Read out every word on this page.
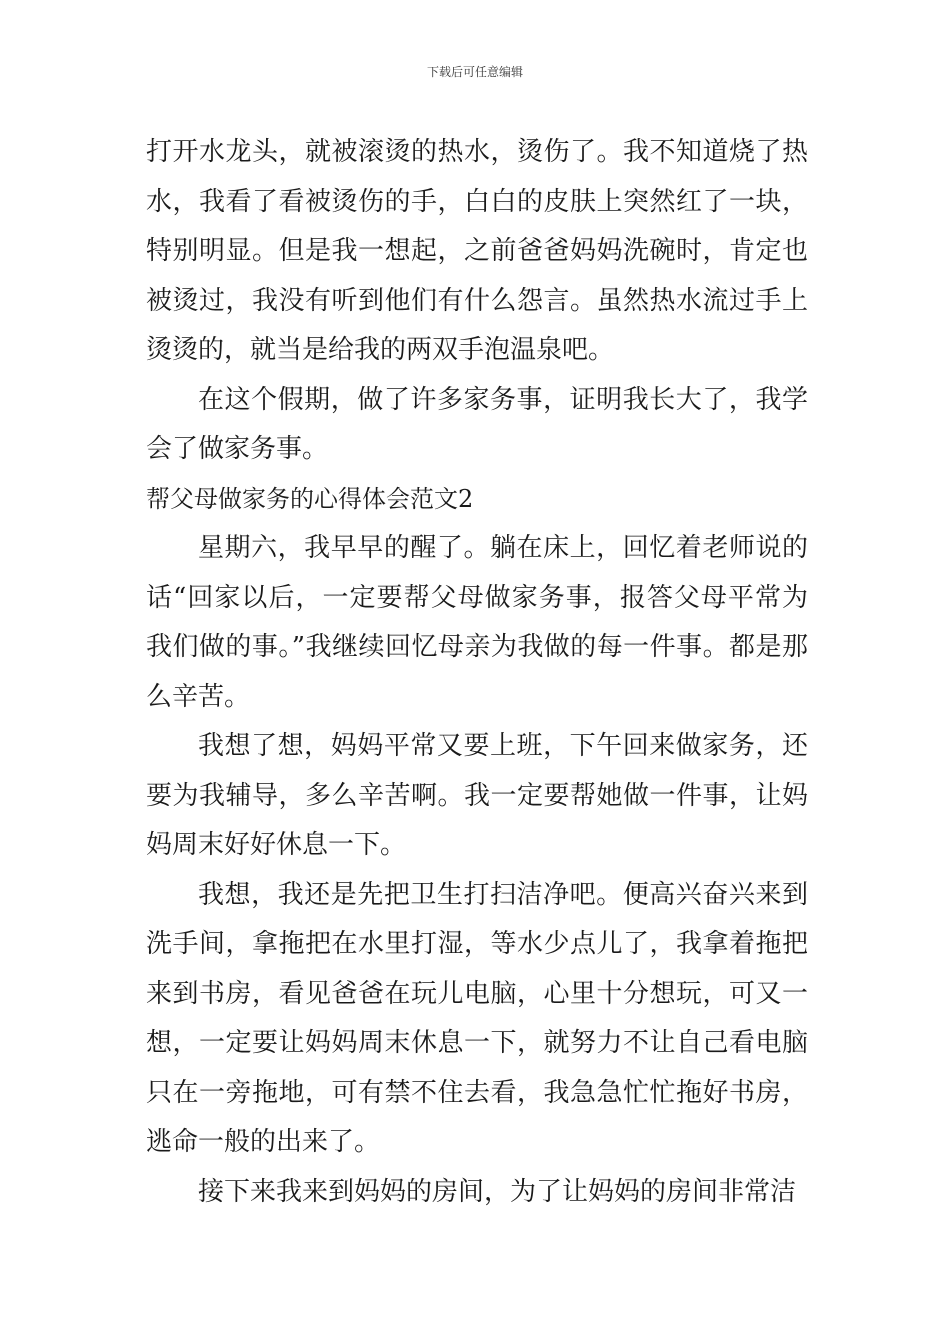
下载后可任意编辑

打开水龙头，就被滚烫的热水，烫伤了。我不知道烧了热水，我看了看被烫伤的手，白白的皮肤上突然红了一块，特别明显。但是我一想起，之前爸爸妈妈洗碗时，肯定也被烫过，我没有听到他们有什么怨言。虽然热水流过手上烫烫的，就当是给我的两双手泡温泉吧。

在这个假期，做了许多家务事，证明我长大了，我学会了做家务事。

帮父母做家务的心得体会范文2

星期六，我早早的醒了。躺在床上，回忆着老师说的话“回家以后，一定要帮父母做家务事，报答父母平常为我们做的事。”我继续回忆母亲为我做的每一件事。都是那么辛苦。

我想了想，妈妈平常又要上班，下午回来做家务，还要为我辅导，多么辛苦啊。我一定要帮她做一件事，让妈妈周末好好休息一下。

我想，我还是先把卫生打扫洁净吧。便高兴奋兴来到洗手间，拿拖把在水里打湿，等水少点儿了，我拿着拖把来到书房，看见爸爸在玩儿电脑，心里十分想玩，可又一想，一定要让妈妈周末休息一下，就努力不让自己看电脑只在一旁拖地，可有禁不住去看，我急急忙忙拖好书房，逃命一般的出来了。

接下来我来到妈妈的房间，为了让妈妈的房间非常洁
